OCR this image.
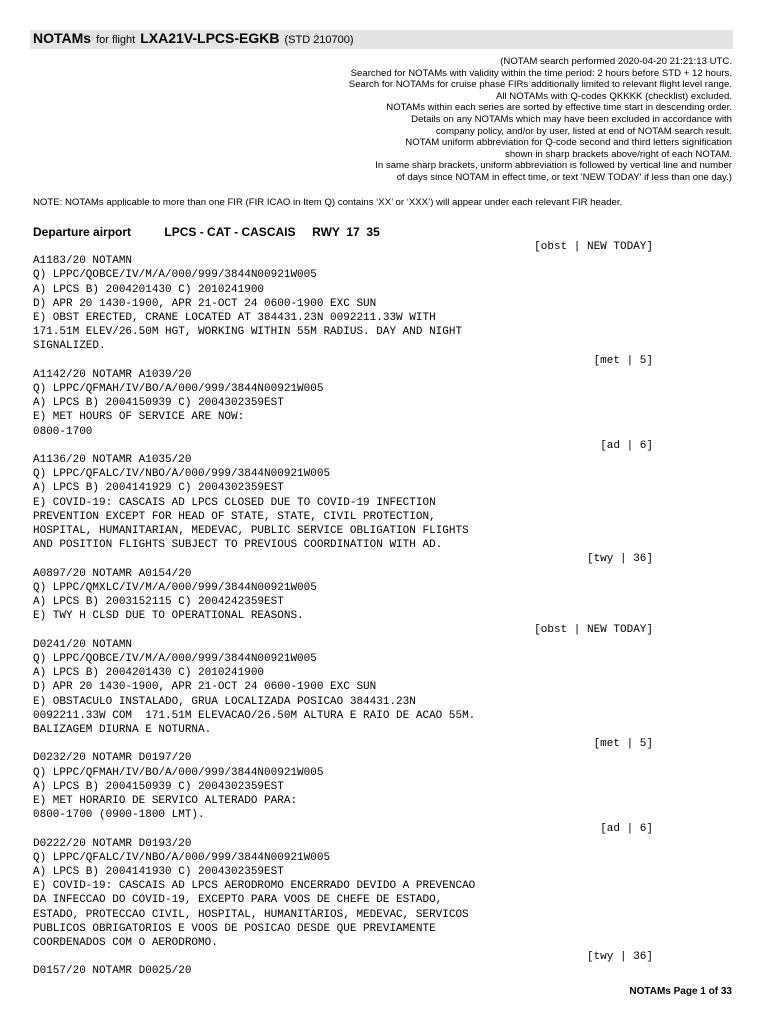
NOTAMs for flight LXA21V-LPCS-EGKB (STD 210700)
(NOTAM search performed 2020-04-20 21:21:13 UTC.
Searched for NOTAMs with validity within the time period: 2 hours before STD + 12 hours.
Search for NOTAMs for cruise phase FIRs additionally limited to relevant flight level range.
All NOTAMs with Q-codes QKKKK (checklist) excluded.
NOTAMs within each series are sorted by effective time start in descending order.
Details on any NOTAMs which may have been excluded in accordance with
company policy, and/or by user, listed at end of NOTAM search result.
NOTAM uniform abbreviation for Q-code second and third letters signification
shown in sharp brackets above/right of each NOTAM.
In same sharp brackets, uniform abbreviation is followed by vertical line and number
of days since NOTAM in effect time, or text 'NEW TODAY' if less than one day.)
NOTE: NOTAMs applicable to more than one FIR (FIR ICAO in Item Q) contains ‘XX’ or ‘XXX’) will appear under each relevant FIR header.
Departure airport	LPCS - CAT - CASCAIS RWY  17  35
[obst | NEW TODAY]
A1183/20 NOTAMN
Q) LPPC/QOBCE/IV/M/A/000/999/3844N00921W005
A) LPCS B) 2004201430 C) 2010241900
D) APR 20 1430-1900, APR 21-OCT 24 0600-1900 EXC SUN
E) OBST ERECTED, CRANE LOCATED AT 384431.23N 0092211.33W WITH
171.51M ELEV/26.50M HGT, WORKING WITHIN 55M RADIUS. DAY AND NIGHT
SIGNALIZED.
[met | 5]
A1142/20 NOTAMR A1039/20
Q) LPPC/QFMAH/IV/BO/A/000/999/3844N00921W005
A) LPCS B) 2004150939 C) 2004302359EST
E) MET HOURS OF SERVICE ARE NOW:
0800-1700
[ad | 6]
A1136/20 NOTAMR A1035/20
Q) LPPC/QFALC/IV/NBO/A/000/999/3844N00921W005
A) LPCS B) 2004141929 C) 2004302359EST
E) COVID-19: CASCAIS AD LPCS CLOSED DUE TO COVID-19 INFECTION
PREVENTION EXCEPT FOR HEAD OF STATE, STATE, CIVIL PROTECTION,
HOSPITAL, HUMANITARIAN, MEDEVAC, PUBLIC SERVICE OBLIGATION FLIGHTS
AND POSITION FLIGHTS SUBJECT TO PREVIOUS COORDINATION WITH AD.
[twy | 36]
A0897/20 NOTAMR A0154/20
Q) LPPC/QMXLC/IV/M/A/000/999/3844N00921W005
A) LPCS B) 2003152115 C) 2004242359EST
E) TWY H CLSD DUE TO OPERATIONAL REASONS.
[obst | NEW TODAY]
D0241/20 NOTAMN
Q) LPPC/QOBCE/IV/M/A/000/999/3844N00921W005
A) LPCS B) 2004201430 C) 2010241900
D) APR 20 1430-1900, APR 21-OCT 24 0600-1900 EXC SUN
E) OBSTACULO INSTALADO, GRUA LOCALIZADA POSICAO 384431.23N
0092211.33W COM  171.51M ELEVACAO/26.50M ALTURA E RAIO DE ACAO 55M.
BALIZAGEM DIURNA E NOTURNA.
[met | 5]
D0232/20 NOTAMR D0197/20
Q) LPPC/QFMAH/IV/BO/A/000/999/3844N00921W005
A) LPCS B) 2004150939 C) 2004302359EST
E) MET HORARIO DE SERVICO ALTERADO PARA:
0800-1700 (0900-1800 LMT).
[ad | 6]
D0222/20 NOTAMR D0193/20
Q) LPPC/QFALC/IV/NBO/A/000/999/3844N00921W005
A) LPCS B) 2004141930 C) 2004302359EST
E) COVID-19: CASCAIS AD LPCS AERODROMO ENCERRADO DEVIDO A PREVENCAO
DA INFECCAO DO COVID-19, EXCEPTO PARA VOOS DE CHEFE DE ESTADO,
ESTADO, PROTECCAO CIVIL, HOSPITAL, HUMANITARIOS, MEDEVAC, SERVICOS
PUBLICOS OBRIGATORIOS E VOOS DE POSICAO DESDE QUE PREVIAMENTE
COORDENADOS COM O AERODROMO.
[twy | 36]
D0157/20 NOTAMR D0025/20
NOTAMs Page 1 of 33
